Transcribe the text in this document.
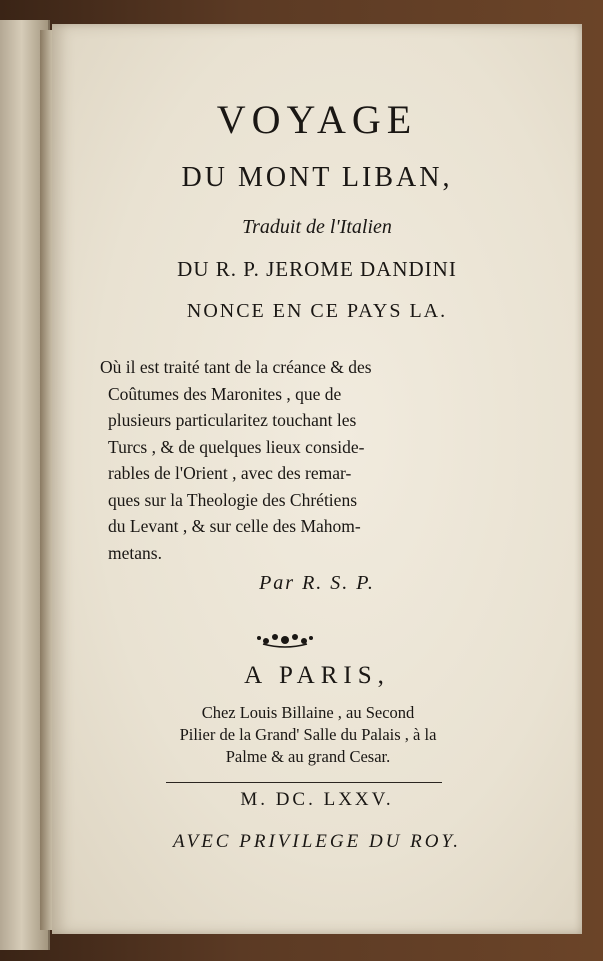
VOYAGE
DU MONT LIBAN,
Traduit de l'Italien
DU R. P. JEROME DANDINI
NONCE EN CE PAYS LA.
Où il est traité tant de la créance & des
Coûtumes des Maronites , que de
plusieurs particularitez touchant les
Turcs , & de quelques lieux conside-
rables de l'Orient , avec des remar-
ques sur la Theologie des Chrétiens
du Levant , & sur celle des Mahom-
metans.
Par R. S. P.
A PARIS,
Chez Louis Billaine , au Second
Pilier de la Grand' Salle du Palais , à la
Palme & au grand Cesar.
M. DC. LXXV.
AVEC PRIVILEGE DU ROY.
